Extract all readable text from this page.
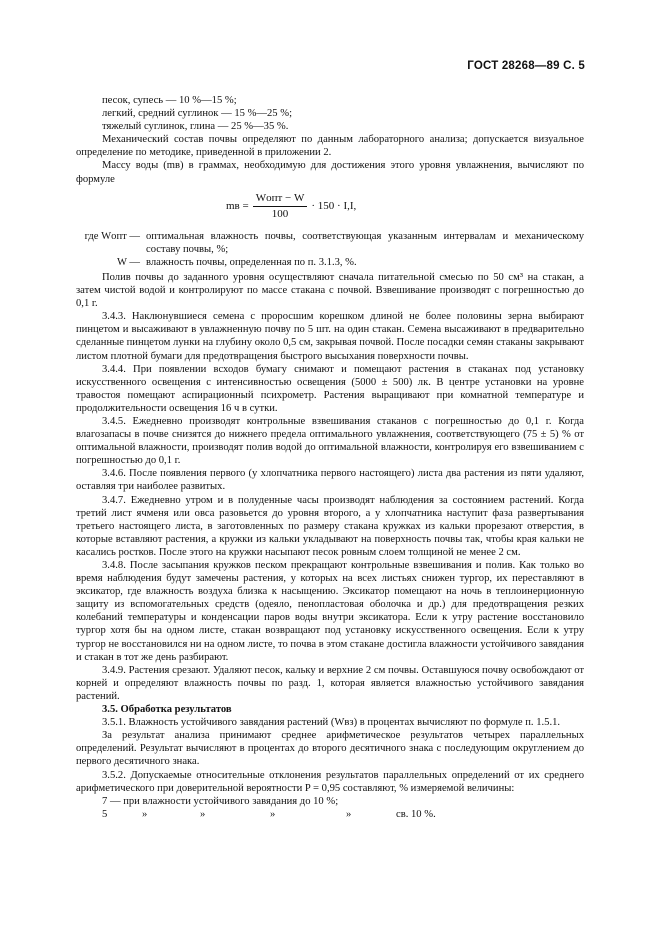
ГОСТ 28268—89 С. 5

песок, супесь — 10 %—15 %;

легкий, средний суглинок — 15 %—25 %;

тяжелый суглинок, глина — 25 %—35 %.

Механический состав почвы определяют по данным лабораторного анализа; допускается визуальное определение по методике, приведенной в приложении 2.

Массу воды (mв) в граммах, необходимую для достижения этого уровня увлажнения, вычисляют по формуле

mв = $\frac{\text{Wопт − W}}{100} \cdot 150 \cdot I,I$,
где Wопт — оптимальная влажность почвы, соответствующая указанным интервалам и механическому составу почвы, %;
W — влажность почвы, определенная по п. 3.1.3, %.

Полив почвы до заданного уровня осуществляют сначала питательной смесью по 50 см³ на стакан, а затем чистой водой и контролируют по массе стакана с почвой. Взвешивание производят с погрешностью до 0,1 г.

3.4.3. Наклюнувшиеся семена с проросшим корешком длиной не более половины зерна выбирают пинцетом и высаживают в увлажненную почву по 5 шт. на один стакан. Семена высаживают в предварительно сделанные пинцетом лунки на глубину около 0,5 см, закрывая почвой. После посадки семян стаканы закрывают листом плотной бумаги для предотвращения быстрого высыхания поверхности почвы.

3.4.4. При появлении всходов бумагу снимают и помещают растения в стаканах под установку искусственного освещения с интенсивностью освещения (5000 ± 500) лк. В центре установки на уровне травостоя помещают аспирационный психрометр. Растения выращивают при комнатной температуре и продолжительности освещения 16 ч в сутки.

3.4.5. Ежедневно производят контрольные взвешивания стаканов с погрешностью до 0,1 г. Когда влагозапасы в почве снизятся до нижнего предела оптимального увлажнения, соответствующего (75 ± 5) % от оптимальной влажности, производят полив водой до оптимальной влажности, контролируя его взвешиванием с погрешностью до 0,1 г.

3.4.6. После появления первого (у хлопчатника первого настоящего) листа два растения из пяти удаляют, оставляя три наиболее развитых.

3.4.7. Ежедневно утром и в полуденные часы производят наблюдения за состоянием растений. Когда третий лист ячменя или овса разовьется до уровня второго, а у хлопчатника наступит фаза развертывания третьего настоящего листа, в заготовленных по размеру стакана кружках из кальки прорезают отверстия, в которые вставляют растения, а кружки из кальки укладывают на поверхность почвы так, чтобы края кальки не касались ростков. После этого на кружки насыпают песок ровным слоем толщиной не менее 2 см.

3.4.8. После засыпания кружков песком прекращают контрольные взвешивания и полив. Как только во время наблюдения будут замечены растения, у которых на всех листьях снижен тургор, их переставляют в эксикатор, где влажность воздуха близка к насыщению. Эксикатор помещают на ночь в теплоинерционную защиту из вспомогательных средств (одеяло, пенопластовая оболочка и др.) для предотвращения резких колебаний температуры и конденсации паров воды внутри эксикатора. Если к утру растение восстановило тургор хотя бы на одном листе, стакан возвращают под установку искусственного освещения. Если к утру тургор не восстановился ни на одном листе, то почва в этом стакане достигла влажности устойчивого завядания и стакан в тот же день разбирают.

3.4.9. Растения срезают. Удаляют песок, кальку и верхние 2 см почвы. Оставшуюся почву освобождают от корней и определяют влажность почвы по разд. 1, которая является влажностью устойчивого завядания растений.

3.5. Обработка результатов

3.5.1. Влажность устойчивого завядания растений (Wвз) в процентах вычисляют по формуле п. 1.5.1.

За результат анализа принимают среднее арифметическое результатов четырех параллельных определений. Результат вычисляют в процентах до второго десятичного знака с последующим округлением до первого десятичного знака.

3.5.2. Допускаемые относительные отклонения результатов параллельных определений от их среднего арифметического при доверительной вероятности P = 0,95 составляют, % измеряемой величины:

7 — при влажности устойчивого завядания до 10 %;

5	»	»	»	»	св. 10 %.
